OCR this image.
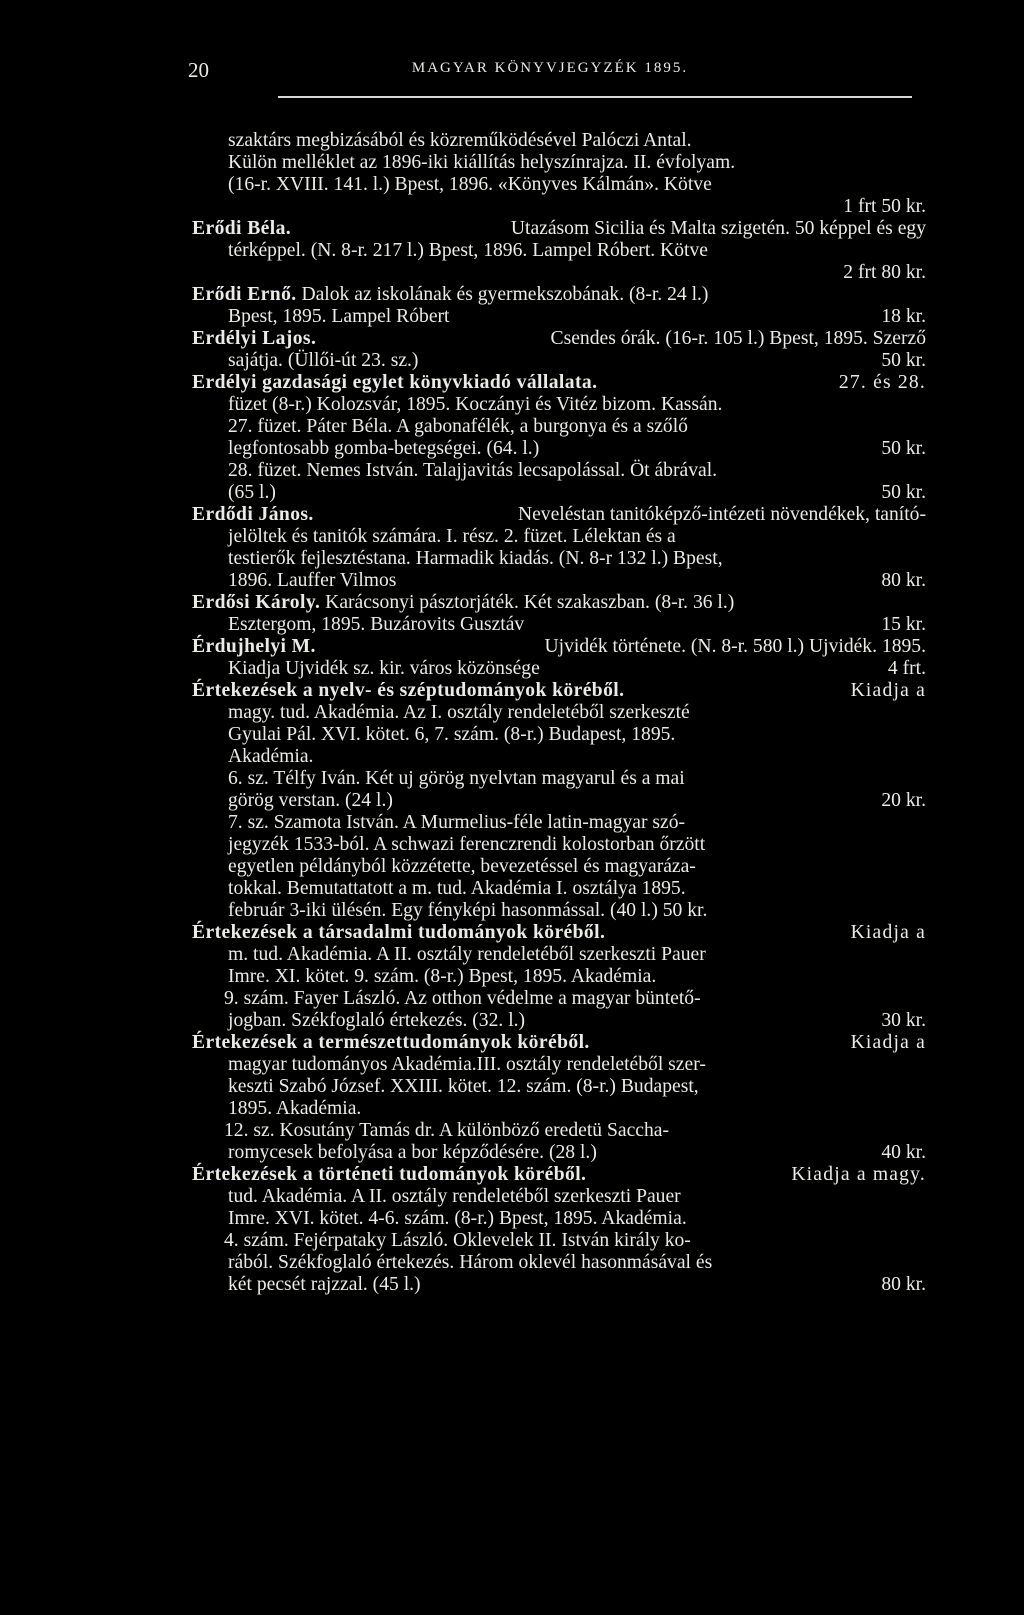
20	MAGYAR KÖNYVJEGYZÉK 1895.
szaktárs megbizásából és közreműködésével Palóczi Antal.
Külön melléklet az 1896-iki kiállítás helyszínrajza. II. évfolyam.
(16-r. XVIII. 141. l.) Bpest, 1896. «Könyves Kálmán». Kötve
1 frt 50 kr.
Erődi Béla.	Utazásom Sicilia és Malta szigetén. 50 képpel és egy
térképpel. (N. 8-r. 217 l.) Bpest, 1896. Lampel Róbert. Kötve
2 frt 80 kr.
Erődi Ernő. Dalok az iskolának és gyermekszobának. (8-r. 24 l.)
Bpest, 1895. Lampel Róbert	18 kr.
Erdélyi Lajos.	Csendes órák. (16-r. 105 l.) Bpest, 1895. Szerző
sajátja. (Üllői-út 23. sz.)	50 kr.
Erdélyi gazdasági egylet könyvkiadó vállalata.	27. és 28.
füzet (8-r.) Kolozsvár, 1895. Koczányi és Vitéz bizom. Kassán.
27. füzet. Páter Béla. A gabonafélék, a burgonya és a szőlő
legfontosabb gomba-betegségei. (64. l.)	50 kr.
28. füzet. Nemes István. Talajjavitás lecsapolással. Öt ábrával.
(65 l.)	50 kr.
Erdődi János.	Neveléstan tanitóképző-intézeti növendékek, tanító-
jelöltek és tanitók számára. I. rész. 2. füzet. Lélektan és a
testierők fejlesztéstana. Harmadik kiadás. (N. 8-r 132 l.) Bpest,
1896. Lauffer Vilmos	80 kr.
Erdősi Károly. Karácsonyi pásztorjáték. Két szakaszban. (8-r. 36 l.)
Esztergom, 1895. Buzárovits Gusztáv	15 kr.
Érdujhelyi M.	Ujvidék története. (N. 8-r. 580 l.) Ujvidék. 1895.
Kiadja Ujvidék sz. kir. város közönsége	4 frt.
Értekezések a nyelv- és széptudományok köréből.	Kiadja a
magy. tud. Akadémia. Az I. osztály rendeletéből szerkeszté
Gyulai Pál. XVI. kötet. 6, 7. szám. (8-r.) Budapest, 1895.
Akadémia.
6. sz. Télfy Iván. Két uj görög nyelvtan magyarul és a mai
görög verstan. (24 l.)	20 kr.
7. sz. Szamota István. A Murmelius-féle latin-magyar szó-
jegyzék 1533-ból. A schwazi ferenczrendi kolostorban őrzött
egyetlen példányból közzétette, bevezetéssel és magyaráza-
tokkal. Bemutattatott a m. tud. Akadémia I. osztálya 1895.
február 3-iki ülésén. Egy fényképi hasonmással. (40 l.) 50 kr.
Értekezések a társadalmi tudományok köréből.	Kiadja a
m. tud. Akadémia. A II. osztály rendeletéből szerkeszti Pauer
Imre. XI. kötet. 9. szám. (8-r.) Bpest, 1895. Akadémia.
9. szám. Fayer László. Az otthon védelme a magyar büntető-
jogban. Székfoglaló értekezés. (32. l.)	30 kr.
Értekezések a természettudományok köréből.	Kiadja a
magyar tudományos Akadémia.III. osztály rendeletéből szer-
keszti Szabó József. XXIII. kötet. 12. szám. (8-r.) Budapest,
1895. Akadémia.
12. sz. Kosutány Tamás dr. A különböző eredetü Saccha-
romycesek befolyása a bor képződésére. (28 l.)	40 kr.
Értekezések a történeti tudományok köréből.	Kiadja a magy.
tud. Akadémia. A II. osztály rendeletéből szerkeszti Pauer
Imre. XVI. kötet. 4-6. szám. (8-r.) Bpest, 1895. Akadémia.
4. szám. Fejérpataky László. Oklevelek II. István király ko-
rából. Székfoglaló értekezés. Három oklevél hasonmásával és
két pecsét rajzzal. (45 l.)	80 kr.
